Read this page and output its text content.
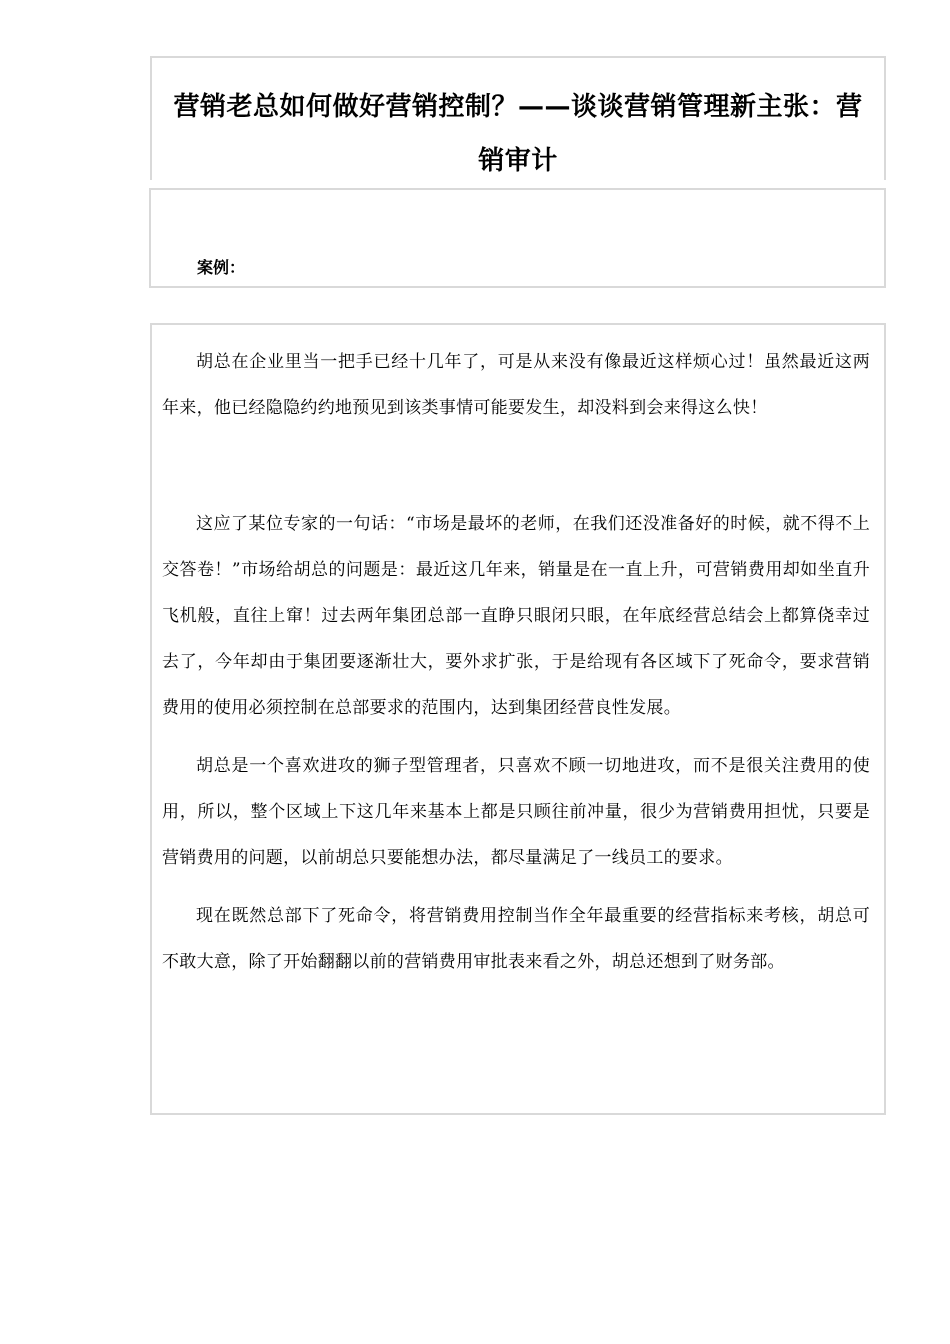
营销老总如何做好营销控制？——谈谈营销管理新主张：营销审计
案例：

胡总在企业里当一把手已经十几年了，可是从来没有像最近这样烦心过！虽然最近这两年来，他已经隐隐约约地预见到该类事情可能要发生，却没料到会来得这么快！

这应了某位专家的一句话：“市场是最坏的老师，在我们还没准备好的时候，就不得不上交答卷！”市场给胡总的问题是：最近这几年来，销量是在一直上升，可营销费用却如坐直升飞机般，直往上窜！过去两年集团总部一直睁只眼闭只眼，在年底经营总结会上都算侥幸过去了，今年却由于集团要逐渐壮大，要外求扩张，于是给现有各区域下了死命令，要求营销费用的使用必须控制在总部要求的范围内，达到集团经营良性发展。

胡总是一个喜欢进攻的狮子型管理者，只喜欢不顾一切地进攻，而不是很关注费用的使用，所以，整个区域上下这几年来基本上都是只顾往前冲量，很少为营销费用担忧，只要是营销费用的问题，以前胡总只要能想办法，都尽量满足了一线员工的要求。

现在既然总部下了死命令，将营销费用控制当作全年最重要的经营指标来考核，胡总可不敢大意，除了开始翻翻以前的营销费用审批表来看之外，胡总还想到了财务部。
